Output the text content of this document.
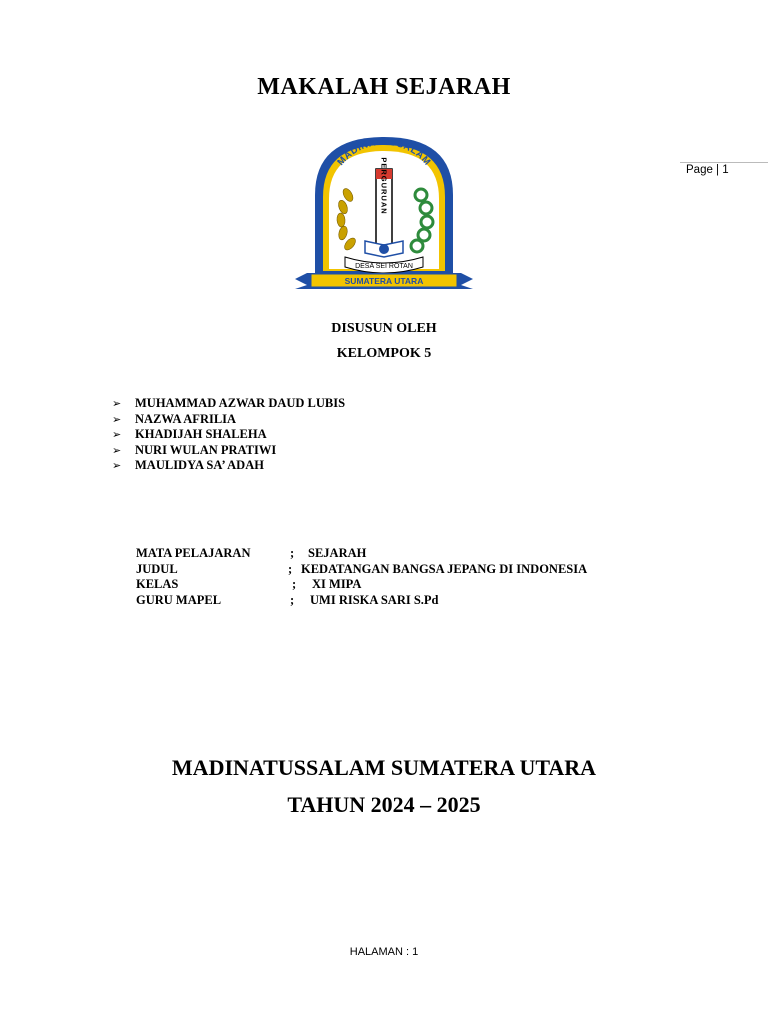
MAKALAH SEJARAH
Page | 1
MADINATUSSALAM
PERGURUAN
DESA SEI ROTAN
SUMATERA UTARA
DISUSUN OLEH
KELOMPOK 5
➢	MUHAMMAD AZWAR DAUD LUBIS
➢	NAZWA AFRILIA
➢	KHADIJAH SHALEHA
➢	NURI WULAN PRATIWI
➢	MAULIDYA SA’ ADAH
MATA PELAJARAN	; SEJARAH
JUDUL	; KEDATANGAN BANGSA JEPANG DI INDONESIA
KELAS	; XI MIPA
GURU MAPEL	; UMI RISKA SARI S.Pd
MADINATUSSALAM SUMATERA UTARA
TAHUN 2024 – 2025
HALAMAN : 1
